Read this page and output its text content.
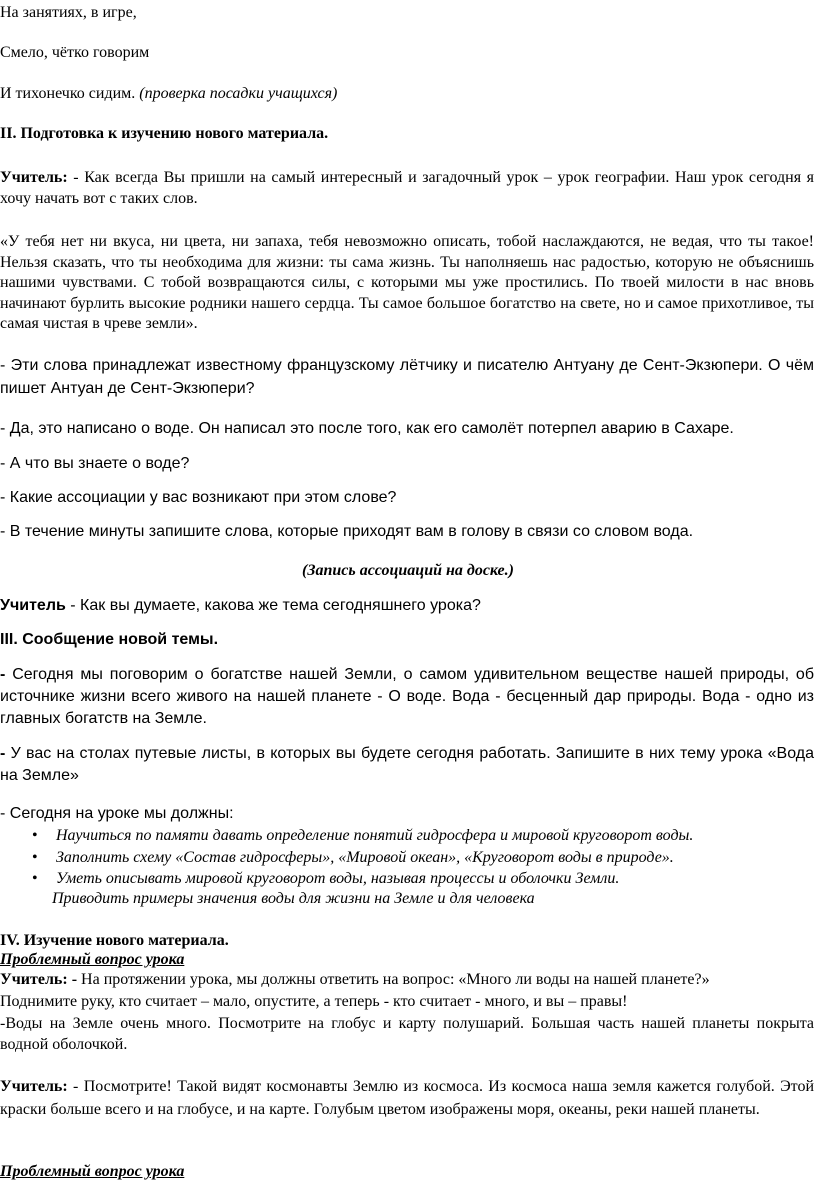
На занятиях, в игре,
Смело, чётко говорим
И тихонечко сидим. (проверка посадки учащихся)
II. Подготовка к изучению нового материала.
Учитель: - Как всегда Вы пришли на самый интересный и загадочный урок – урок географии. Наш урок сегодня я хочу начать вот с таких слов.
«У тебя нет ни вкуса, ни цвета, ни запаха, тебя невозможно описать, тобой наслаждаются, не ведая, что ты такое! Нельзя сказать, что ты необходима для жизни: ты сама жизнь. Ты наполняешь нас радостью, которую не объяснишь нашими чувствами. С тобой возвращаются силы, с которыми мы уже простились. По твоей милости в нас вновь начинают бурлить высокие родники нашего сердца. Ты самое большое богатство на свете, но и самое прихотливое, ты самая чистая в чреве земли».
- Эти слова принадлежат известному французскому лётчику и писателю Антуану де Сент-Экзюпери. О чём пишет Антуан де Сент-Экзюпери?
- Да, это написано о воде. Он написал это после того, как его самолёт потерпел аварию в Сахаре.
- А что вы знаете о воде?
- Какие ассоциации у вас возникают при этом слове?
- В течение минуты запишите слова, которые приходят вам в голову в связи со словом вода.
(Запись ассоциаций на доске.)
Учитель - Как вы думаете, какова же тема сегодняшнего урока?
III. Сообщение новой темы.
- Сегодня мы поговорим о богатстве нашей Земли, о самом удивительном веществе нашей природы, об источнике жизни всего живого на нашей планете - О воде. Вода - бесценный дар природы. Вода - одно из главных богатств на Земле.
- У вас на столах путевые листы, в которых вы будете сегодня работать. Запишите в них тему урока «Вода на Земле»
- Сегодня на уроке мы должны:
• Научиться по памяти давать определение понятий гидросфера и мировой круговорот воды.
• Заполнить схему «Состав гидросферы», «Мировой океан», «Круговорот воды в природе».
• Уметь описывать мировой круговорот воды, называя процессы и оболочки Земли.
Приводить примеры значения воды для жизни на Земле и для человека
IV. Изучение нового материала.
Проблемный вопрос урока
Учитель: - На протяжении урока, мы должны ответить на вопрос: «Много ли воды на нашей планете?»
Поднимите руку, кто считает – мало, опустите, а теперь - кто считает - много, и вы – правы!
-Воды на Земле очень много. Посмотрите на глобус и карту полушарий. Большая часть нашей планеты покрыта водной оболочкой.
Учитель: - Посмотрите! Такой видят космонавты Землю из космоса. Из космоса наша земля кажется голубой. Этой краски больше всего и на глобусе, и на карте. Голубым цветом изображены моря, океаны, реки нашей планеты.
Проблемный вопрос урока
